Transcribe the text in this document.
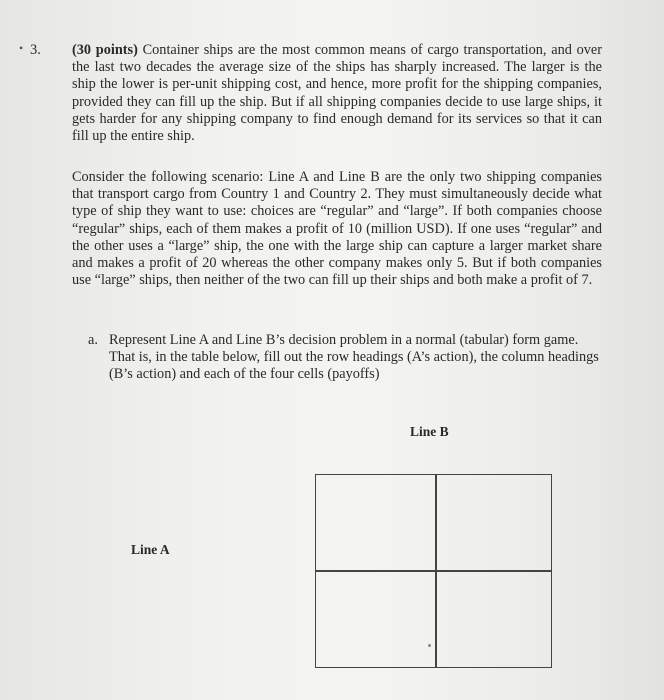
• 3. (30 points) Container ships are the most common means of cargo transportation, and over the last two decades the average size of the ships has sharply increased. The larger is the ship the lower is per-unit shipping cost, and hence, more profit for the shipping companies, provided they can fill up the ship. But if all shipping companies decide to use large ships, it gets harder for any shipping company to find enough demand for its services so that it can fill up the entire ship.

Consider the following scenario: Line A and Line B are the only two shipping companies that transport cargo from Country 1 and Country 2. They must simultaneously decide what type of ship they want to use: choices are “regular” and “large”. If both companies choose “regular” ships, each of them makes a profit of 10 (million USD). If one uses “regular” and the other uses a “large” ship, the one with the large ship can capture a larger market share and makes a profit of 20 whereas the other company makes only 5. But if both companies use “large” ships, then neither of the two can fill up their ships and both make a profit of 7.

a. Represent Line A and Line B’s decision problem in a normal (tabular) form game. That is, in the table below, fill out the row headings (A’s action), the column headings (B’s action) and each of the four cells (payoffs)

Line B
Line A
